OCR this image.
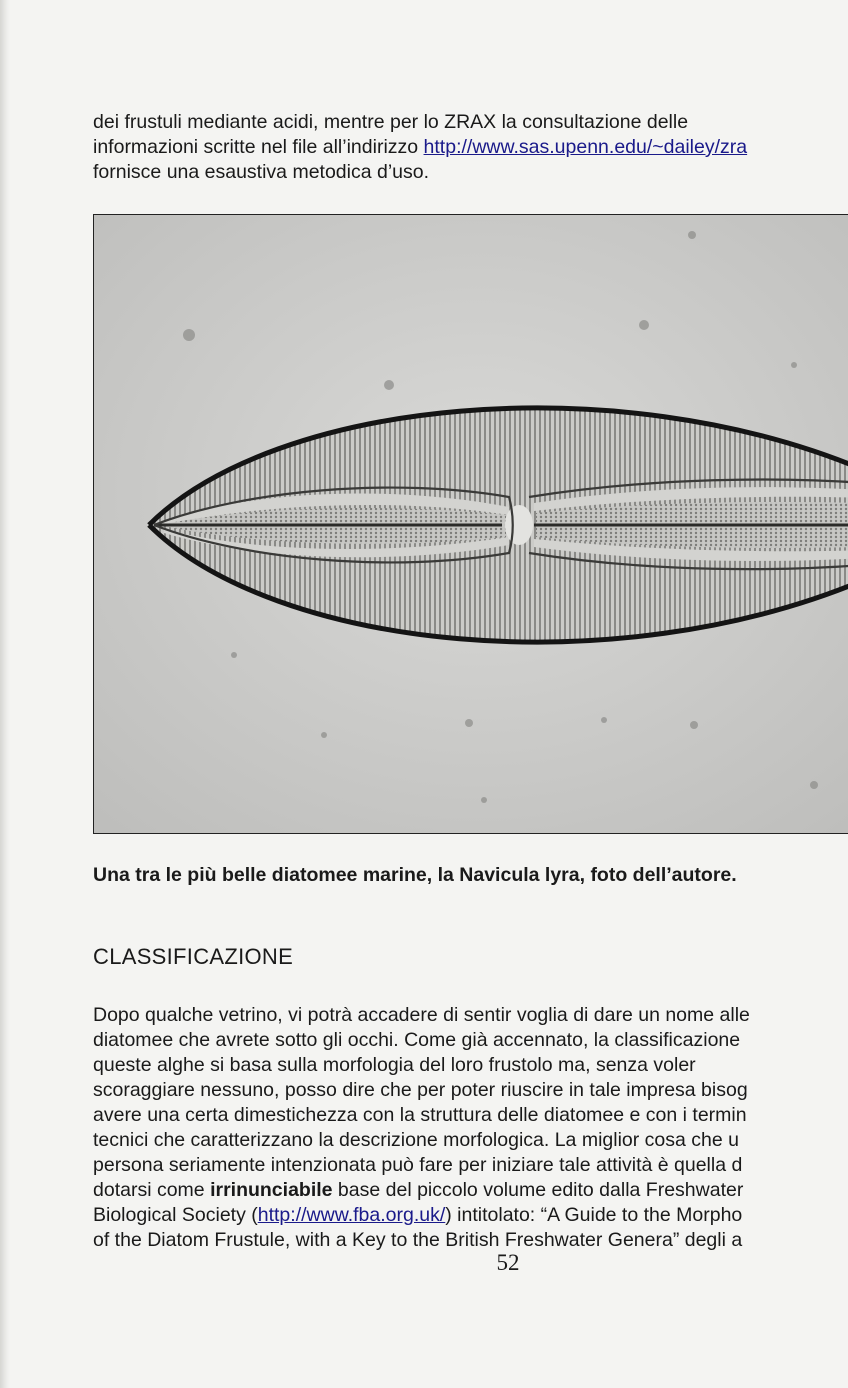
dei frustuli mediante acidi, mentre per lo ZRAX la consultazione delle

informazioni scritte nel file all’indirizzo http://www.sas.upenn.edu/~dailey/zra

fornisce una esaustiva metodica d’uso.

Una tra le più belle diatomee marine, la Navicula lyra, foto dell’autore.
CLASSIFICAZIONE

Dopo qualche vetrino, vi potrà accadere di sentir voglia di dare un nome alle

diatomee che avrete sotto gli occhi. Come già accennato, la classificazione

queste alghe si basa sulla morfologia del loro frustolo ma, senza voler

scoraggiare nessuno, posso dire che per poter riuscire in tale impresa bisog

avere una certa dimestichezza con la struttura delle diatomee e con i termin

tecnici che caratterizzano la descrizione morfologica. La miglior cosa che u

persona seriamente intenzionata può fare per iniziare tale attività è quella d

dotarsi come irrinunciabile base del piccolo volume edito dalla Freshwater

Biological Society (http://www.fba.org.uk/) intitolato: “A Guide to the Morpho

of the Diatom Frustule, with a Key to the British Freshwater Genera” degli a

52
